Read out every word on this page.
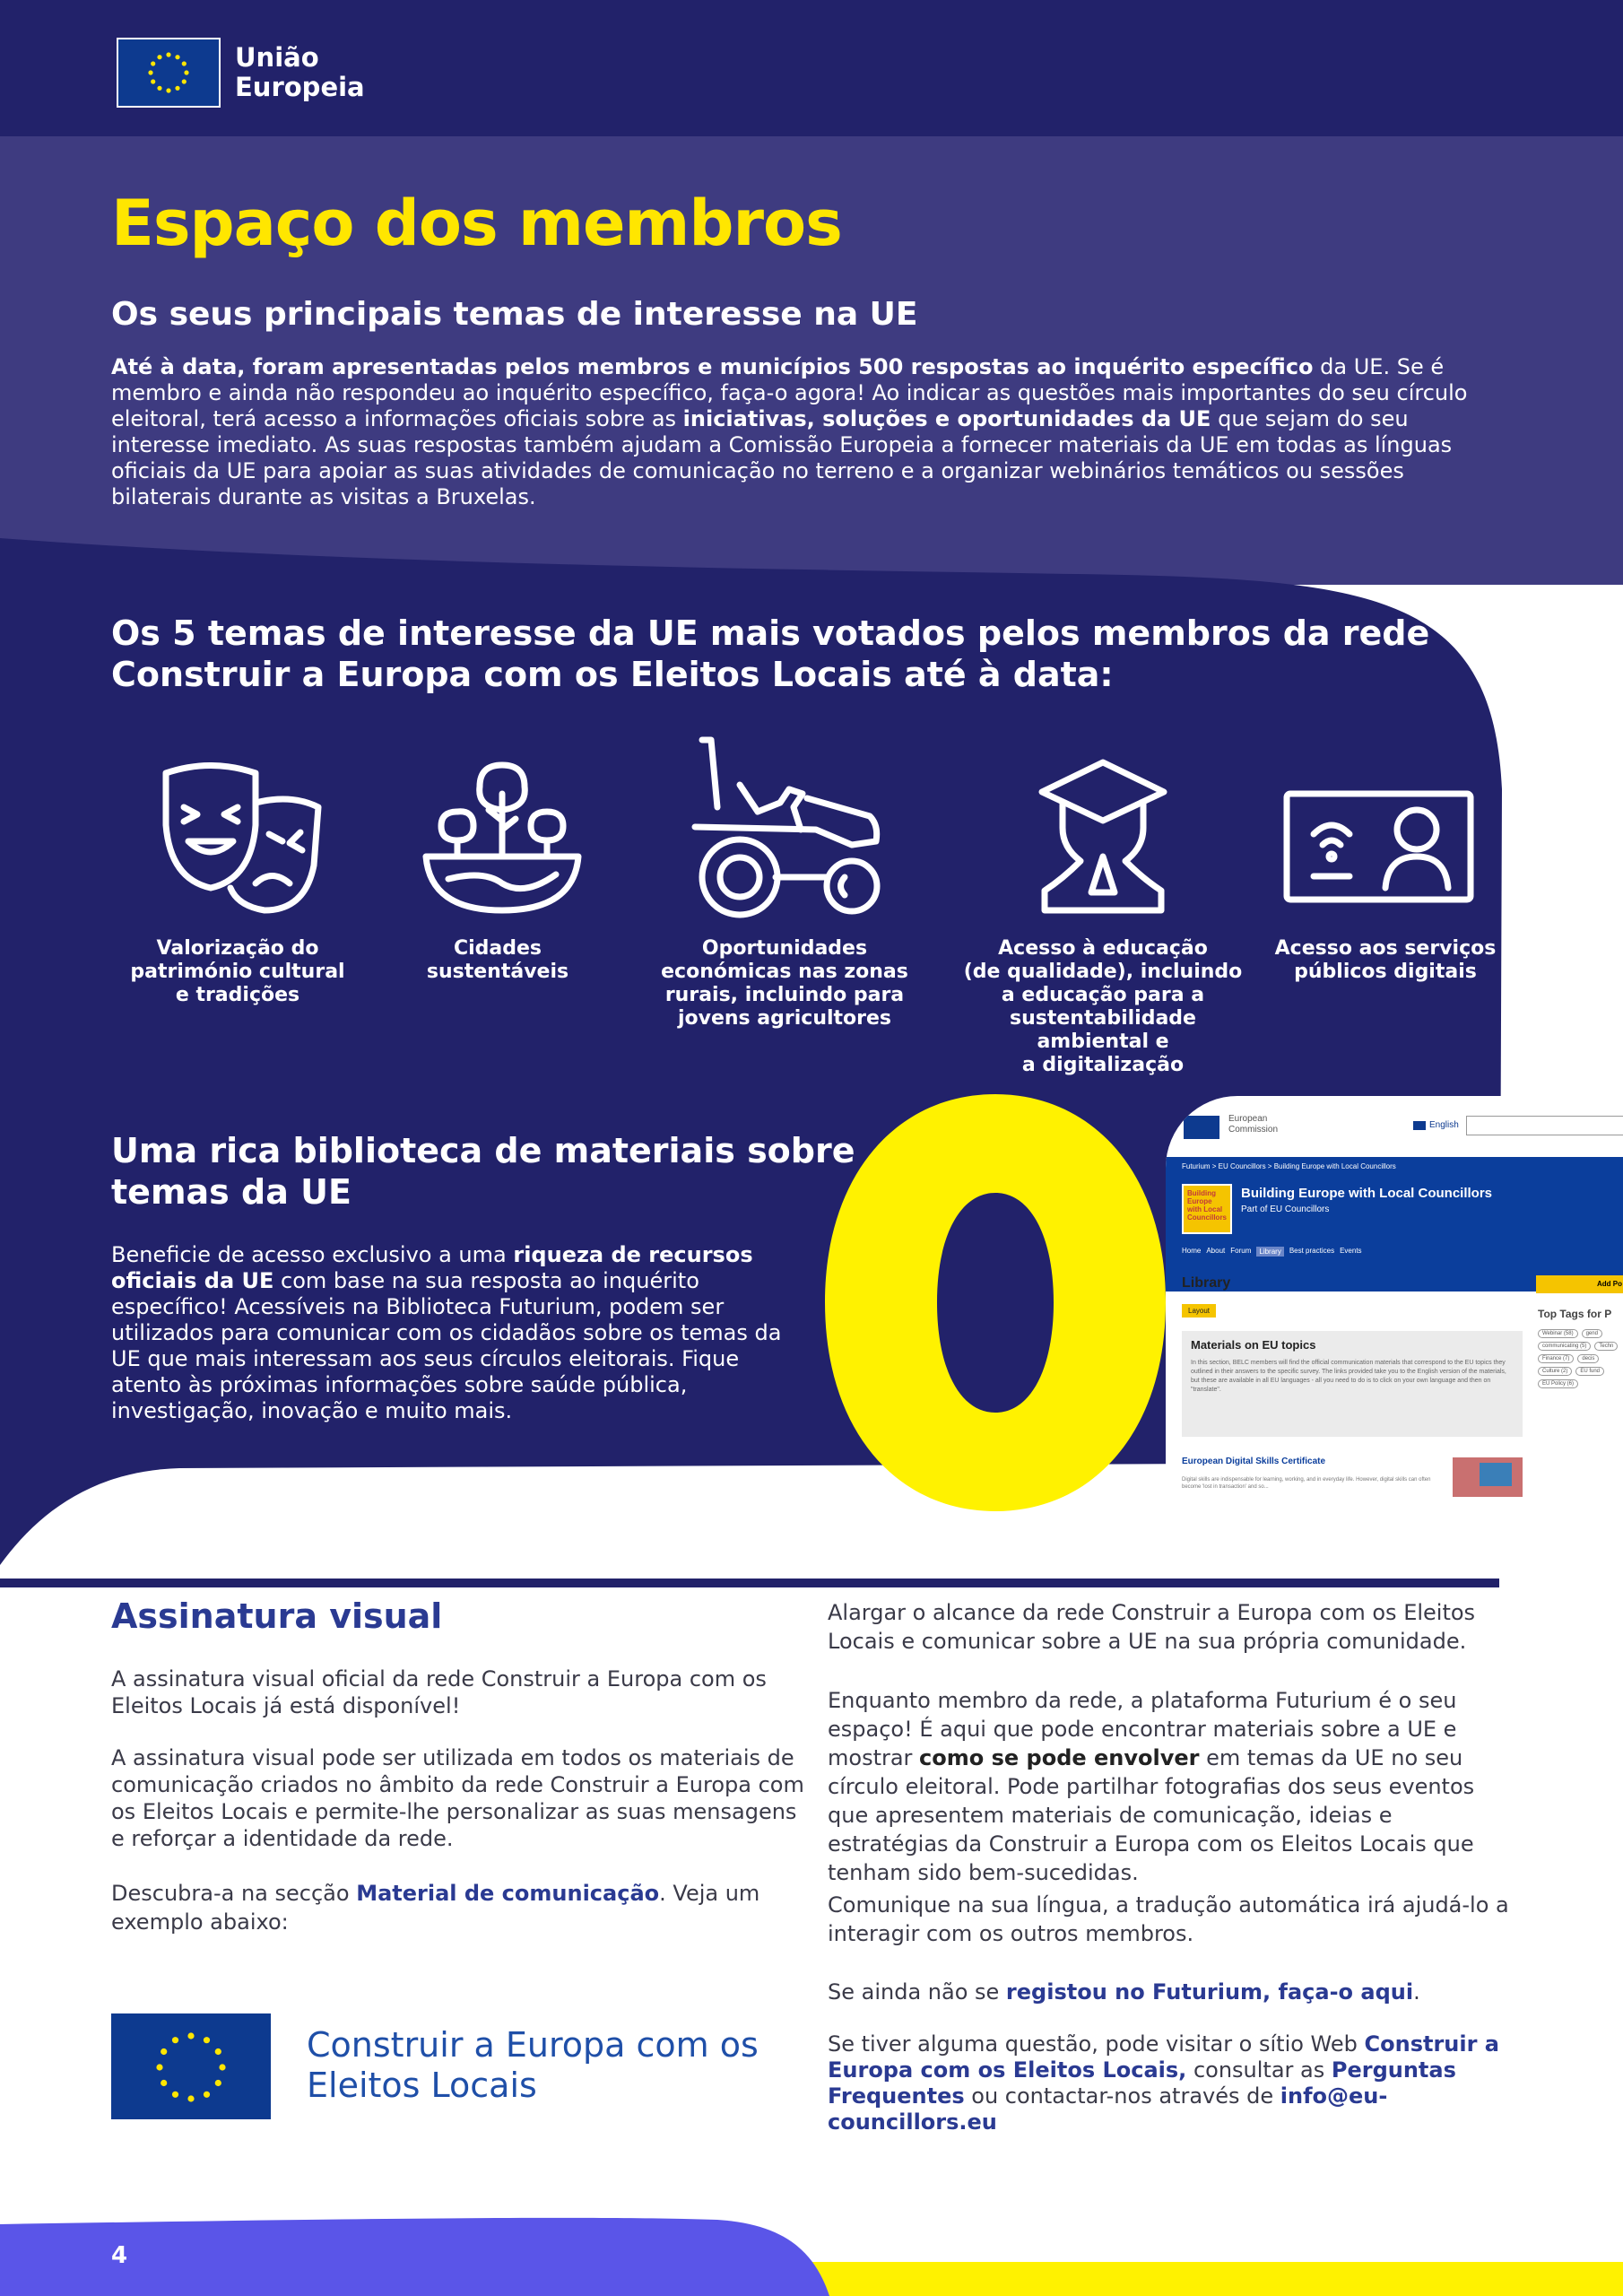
União
Europeia
Espaço dos membros
Os seus principais temas de interesse na UE

Até à data, foram apresentadas pelos membros e municípios 500 respostas ao inquérito específico da UE. Se é membro e ainda não respondeu ao inquérito específico, faça-o agora! Ao indicar as questões mais importantes do seu círculo eleitoral, terá acesso a informações oficiais sobre as iniciativas, soluções e oportunidades da UE que sejam do seu interesse imediato. As suas respostas também ajudam a Comissão Europeia a fornecer materiais da UE em todas as línguas oficiais da UE para apoiar as suas atividades de comunicação no terreno e a organizar webinários temáticos ou sessões bilaterais durante as visitas a Bruxelas.

Os 5 temas de interesse da UE mais votados pelos membros da rede
Construir a Europa com os Eleitos Locais até à data:
Valorização do
património cultural
e tradições
Cidades
sustentáveis
Oportunidades
económicas nas zonas
rurais, incluindo para
jovens agricultores
Acesso à educação
(de qualidade), incluindo
a educação para a
sustentabilidade ambiental e
a digitalização
Acesso aos serviços
públicos digitais
Uma rica biblioteca de materiais sobre
temas da UE

Beneficie de acesso exclusivo a uma riqueza de recursos oficiais da UE com base na sua resposta ao inquérito específico! Acessíveis na Biblioteca Futurium, podem ser utilizados para comunicar com os cidadãos sobre os temas da UE que mais interessam aos seus círculos eleitorais. Fique atento às próximas informações sobre saúde pública, investigação, inovação e muito mais.

European
Commission	English
Futurium > EU Councillors > Building Europe with Local Councillors
Building Europe with Local Councillors
Building Europe with Local Councillors
Part of EU Councillors
Home About Forum	Library	Best practices Events
Library
Layout
Add Po
Top Tags for P
Webinar (58)	gend
communicating (5)	Techn
Finance (7)	decis
Culture (2)	EU fund
EU Policy (6)
Materials on EU topics
In this section, BELC members will find the official communication materials that correspond to the EU topics they outlined in their answers to the specific survey. The links provided take you to the English version of the materials, but these are available in all EU languages - all you need to do is to click on your own language and then on "translate".
European Digital Skills Certificate
Digital skills are indispensable for learning, working, and in everyday life. However, digital skills can often become 'lost in transaction' and so...
Assinatura visual

A assinatura visual oficial da rede Construir a Europa com os Eleitos Locais já está disponível!

A assinatura visual pode ser utilizada em todos os materiais de comunicação criados no âmbito da rede Construir a Europa com os Eleitos Locais e permite-lhe personalizar as suas mensagens e reforçar a identidade da rede.

Descubra-a na secção Material de comunicação. Veja um exemplo abaixo:

Construir a Europa com os
Eleitos Locais

Alargar o alcance da rede Construir a Europa com os Eleitos Locais e comunicar sobre a UE na sua própria comunidade.

Enquanto membro da rede, a plataforma Futurium é o seu espaço! É aqui que pode encontrar materiais sobre a UE e mostrar como se pode envolver em temas da UE no seu círculo eleitoral. Pode partilhar fotografias dos seus eventos que apresentem materiais de comunicação, ideias e estratégias da Construir a Europa com os Eleitos Locais que tenham sido bem-sucedidas.

Comunique na sua língua, a tradução automática irá ajudá-lo a interagir com os outros membros.

Se ainda não se registou no Futurium, faça-o aqui.

Se tiver alguma questão, pode visitar o sítio Web Construir a Europa com os Eleitos Locais, consultar as Perguntas Frequentes ou contactar-nos através de info@eu-councillors.eu

4
